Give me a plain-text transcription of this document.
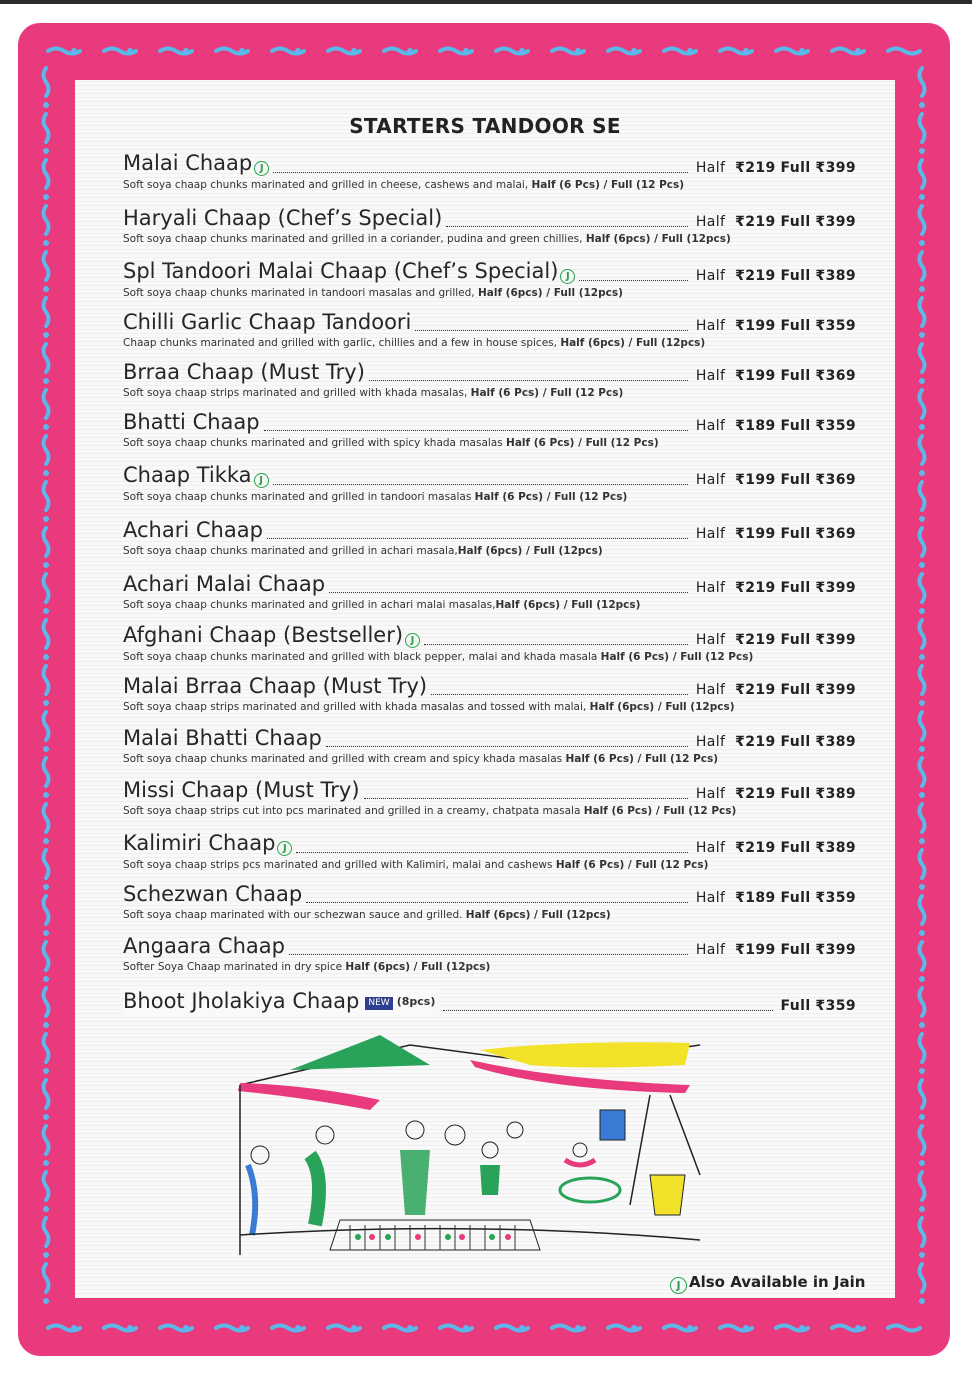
STARTERS TANDOOR SE
Malai Chaap J	Half ₹219 Full ₹399
Soft soya chaap chunks marinated and grilled in cheese, cashews and malai, Half (6 Pcs) / Full (12 Pcs)
Haryali Chaap (Chef’s Special)	Half ₹219 Full ₹399
Soft soya chaap chunks marinated and grilled in a coriander, pudina and green chillies, Half (6pcs) / Full (12pcs)
Spl Tandoori Malai Chaap (Chef’s Special) J	Half ₹219 Full ₹389
Soft soya chaap chunks marinated in tandoori masalas and grilled, Half (6pcs) / Full (12pcs)
Chilli Garlic Chaap Tandoori	Half ₹199 Full ₹359
Chaap chunks marinated and grilled with garlic, chillies and a few in house spices, Half (6pcs) / Full (12pcs)
Brraa Chaap (Must Try)	Half ₹199 Full ₹369
Soft soya chaap strips marinated and grilled with khada masalas, Half (6 Pcs) / Full (12 Pcs)
Bhatti Chaap	Half ₹189 Full ₹359
Soft soya chaap chunks marinated and grilled with spicy khada masalas Half (6 Pcs) / Full (12 Pcs)
Chaap Tikka J	Half ₹199 Full ₹369
Soft soya chaap chunks marinated and grilled in tandoori masalas Half (6 Pcs) / Full (12 Pcs)
Achari Chaap	Half ₹199 Full ₹369
Soft soya chaap chunks marinated and grilled in achari masala,Half (6pcs) / Full (12pcs)
Achari Malai Chaap	Half ₹219 Full ₹399
Soft soya chaap chunks marinated and grilled in achari malai masalas,Half (6pcs) / Full (12pcs)
Afghani Chaap (Bestseller) J	Half ₹219 Full ₹399
Soft soya chaap chunks marinated and grilled with black pepper, malai and khada masala Half (6 Pcs) / Full (12 Pcs)
Malai Brraa Chaap (Must Try)	Half ₹219 Full ₹399
Soft soya chaap strips marinated and grilled with khada masalas and tossed with malai, Half (6pcs) / Full (12pcs)
Malai Bhatti Chaap	Half ₹219 Full ₹389
Soft soya chaap chunks marinated and grilled with cream and spicy khada masalas Half (6 Pcs) / Full (12 Pcs)
Missi Chaap (Must Try)	Half ₹219 Full ₹389
Soft soya chaap strips cut into pcs marinated and grilled in a creamy, chatpata masala Half (6 Pcs) / Full (12 Pcs)
Kalimiri Chaap J	Half ₹219 Full ₹389
Soft soya chaap strips pcs marinated and grilled with Kalimiri, malai and cashews Half (6 Pcs) / Full (12 Pcs)
Schezwan Chaap	Half ₹189 Full ₹359
Soft soya chaap marinated with our schezwan sauce and grilled. Half (6pcs) / Full (12pcs)
Angaara Chaap	Half ₹199 Full ₹399
Softer Soya Chaap marinated in dry spice Half (6pcs) / Full (12pcs)
Bhoot Jholakiya Chaap NEW (8pcs)	Full ₹359
J Also Available in Jain
